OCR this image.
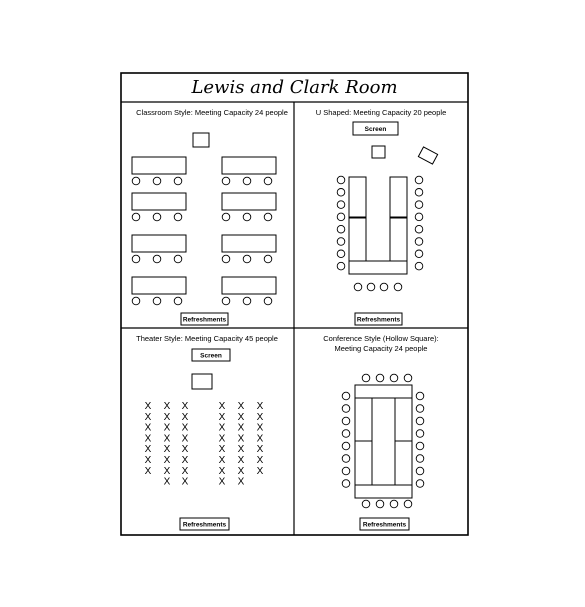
Lewis and Clark Room
Classroom Style: Meeting Capacity 24 people
Refreshments
U Shaped: Meeting Capacity 20 people
Screen
Refreshments
Theater Style: Meeting Capacity 45 people
Screen
X
X
X
X
X
X
X
X
X
X
X
X
X
X
X
X
X
X
X
X
X
X
X
X
X
X
X
X
X
X
X
X
X
X
X
X
X
X
X
X
X
X
X
X
X
X
Refreshments
Conference Style (Hollow Square):
Meeting Capacity 24 people
Refreshments
